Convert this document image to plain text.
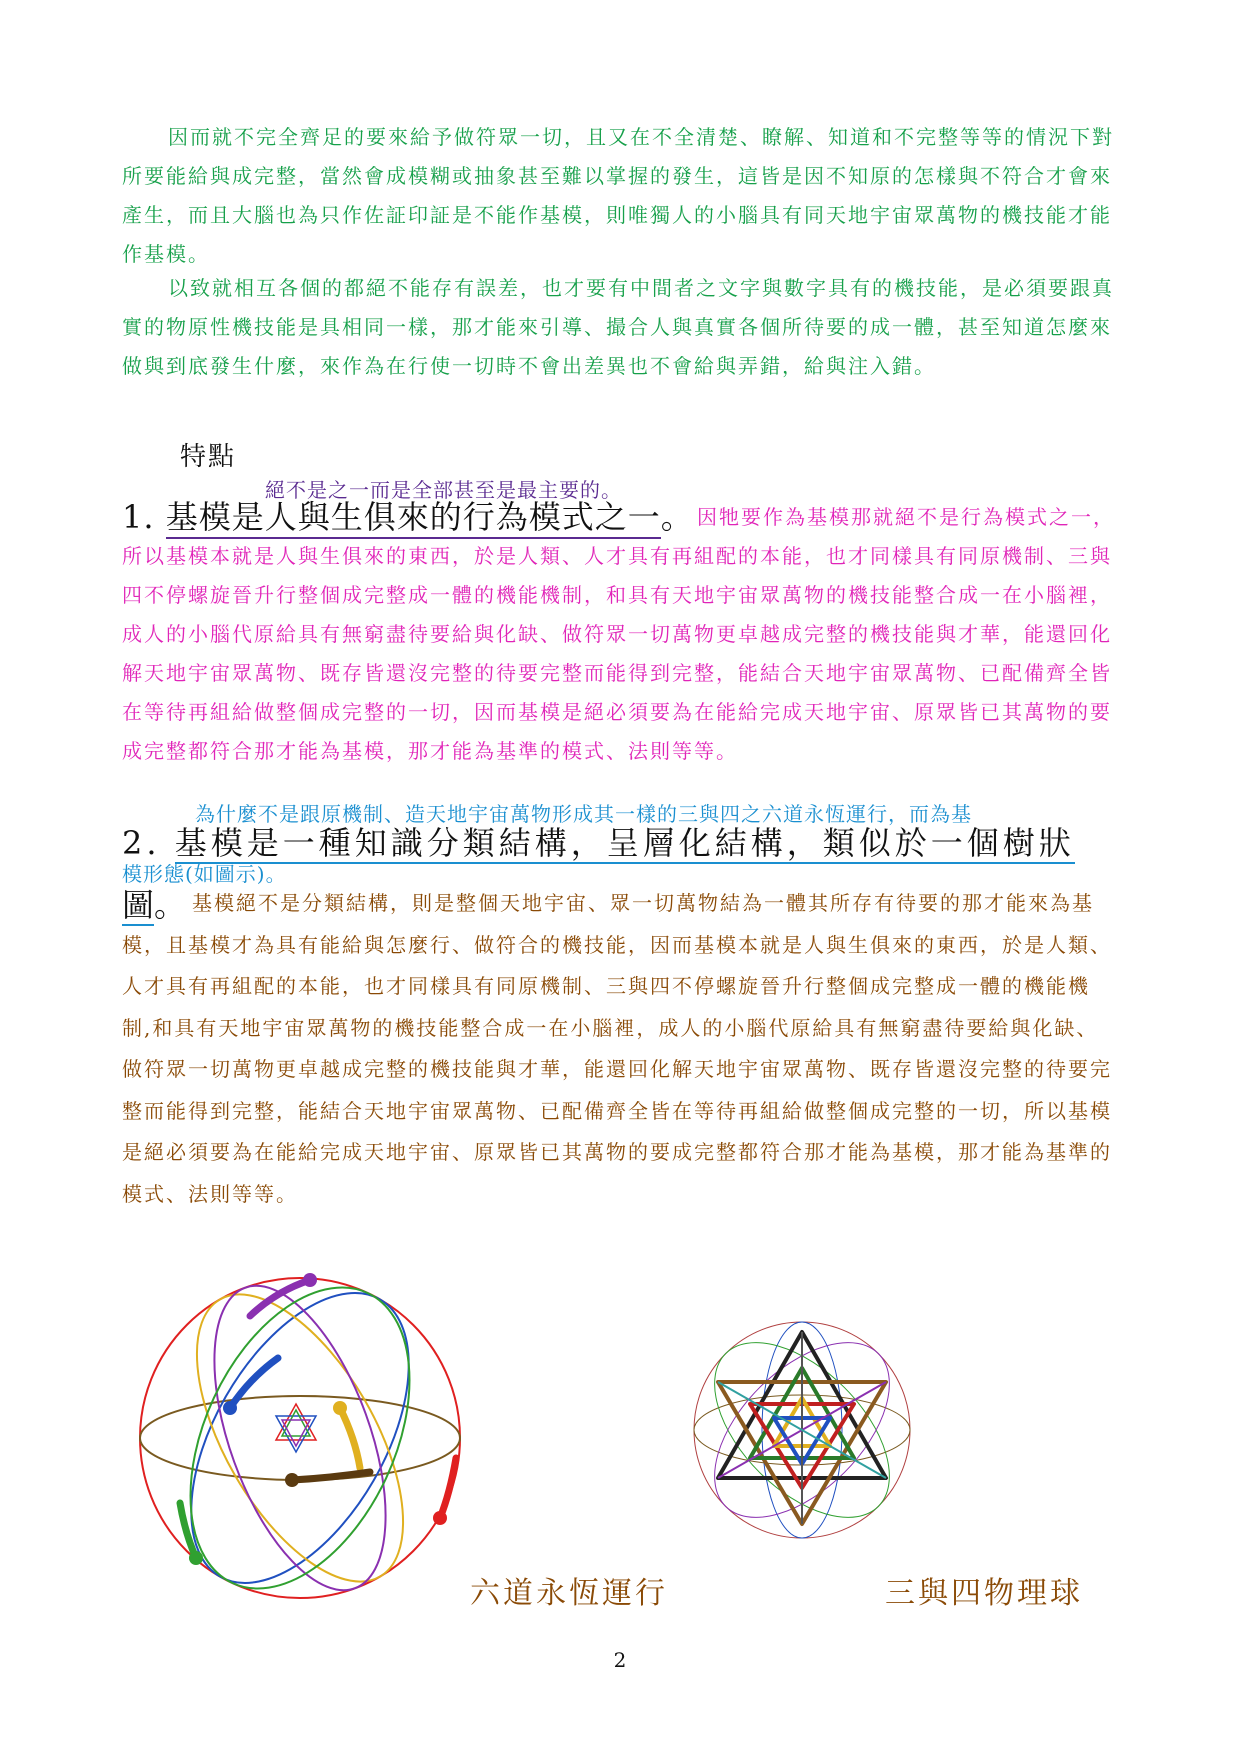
因而就不完全齊足的要來給予做符眾一切，且又在不全清楚、瞭解、知道和不完整等等的情況下對所要能給與成完整，當然會成模糊或抽象甚至難以掌握的發生，這皆是因不知原的怎樣與不符合才會來產生，而且大腦也為只作佐証印証是不能作基模，則唯獨人的小腦具有同天地宇宙眾萬物的機技能才能作基模。

以致就相互各個的都絕不能存有誤差，也才要有中間者之文字與數字具有的機技能，是必須要跟真實的物原性機技能是具相同一樣，那才能來引導、撮合人與真實各個所待要的成一體，甚至知道怎麼來做與到底發生什麼，來作為在行使一切時不會出差異也不會給與弄錯，給與注入錯。

特點
絕不是之一而是全部甚至是最主要的。
1. 基模是人與生俱來的行為模式之一。 因牠要作為基模那就絕不是行為模式之一，所以基模本就是人與生俱來的東西，於是人類、人才具有再組配的本能，也才同樣具有同原機制、三與四不停螺旋晉升行整個成完整成一體的機能機制，和具有天地宇宙眾萬物的機技能整合成一在小腦裡，成人的小腦代原給具有無窮盡待要給與化缺、做符眾一切萬物更卓越成完整的機技能與才華，能還回化解天地宇宙眾萬物、既存皆還沒完整的待要完整而能得到完整，能結合天地宇宙眾萬物、已配備齊全皆在等待再組給做整個成完整的一切，因而基模是絕必須要為在能給完成天地宇宙、原眾皆已其萬物的要成完整都符合那才能為基模，那才能為基準的模式、法則等等。

為什麼不是跟原機制、造天地宇宙萬物形成其一樣的三與四之六道永恆運行，而為基
2. 基模是一種知識分類結構，呈層化結構，類似於一個樹狀
模形態(如圖示)。
圖。 基模絕不是分類結構，則是整個天地宇宙、眾一切萬物結為一體其所存有待要的那才能來為基模，且基模才為具有能給與怎麼行、做符合的機技能，因而基模本就是人與生俱來的東西，於是人類、人才具有再組配的本能，也才同樣具有同原機制、三與四不停螺旋晉升行整個成完整成一體的機能機制,和具有天地宇宙眾萬物的機技能整合成一在小腦裡，成人的小腦代原給具有無窮盡待要給與化缺、做符眾一切萬物更卓越成完整的機技能與才華，能還回化解天地宇宙眾萬物、既存皆還沒完整的待要完整而能得到完整，能結合天地宇宙眾萬物、已配備齊全皆在等待再組給做整個成完整的一切，所以基模是絕必須要為在能給完成天地宇宙、原眾皆已其萬物的要成完整都符合那才能為基模，那才能為基準的模式、法則等等。

六道永恆運行	三與四物理球
2
